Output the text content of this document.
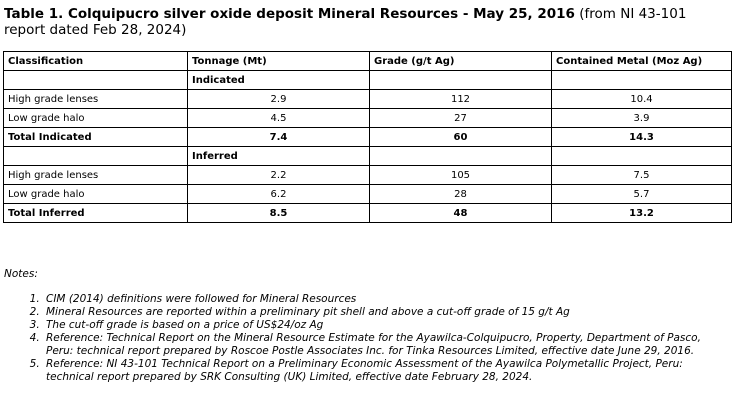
Table 1. Colquipucro silver oxide deposit Mineral Resources - May 25, 2016 (from NI 43-101 report dated Feb 28, 2024)
Classification	Tonnage (Mt)	Grade (g/t Ag)	Contained Metal (Moz Ag)
	Indicated		
High grade lenses	2.9	112	10.4
Low grade halo	4.5	27	3.9
Total Indicated	7.4	60	14.3
	Inferred		
High grade lenses	2.2	105	7.5
Low grade halo	6.2	28	5.7
Total Inferred	8.5	48	13.2
Notes:
1. CIM (2014) definitions were followed for Mineral Resources
2. Mineral Resources are reported within a preliminary pit shell and above a cut-off grade of 15 g/t Ag
3. The cut-off grade is based on a price of US$24/oz Ag
4. Reference: Technical Report on the Mineral Resource Estimate for the Ayawilca-Colquipucro, Property, Department of Pasco, Peru: technical report prepared by Roscoe Postle Associates Inc. for Tinka Resources Limited, effective date June 29, 2016.
5. Reference: NI 43-101 Technical Report on a Preliminary Economic Assessment of the Ayawilca Polymetallic Project, Peru: technical report prepared by SRK Consulting (UK) Limited, effective date February 28, 2024.
